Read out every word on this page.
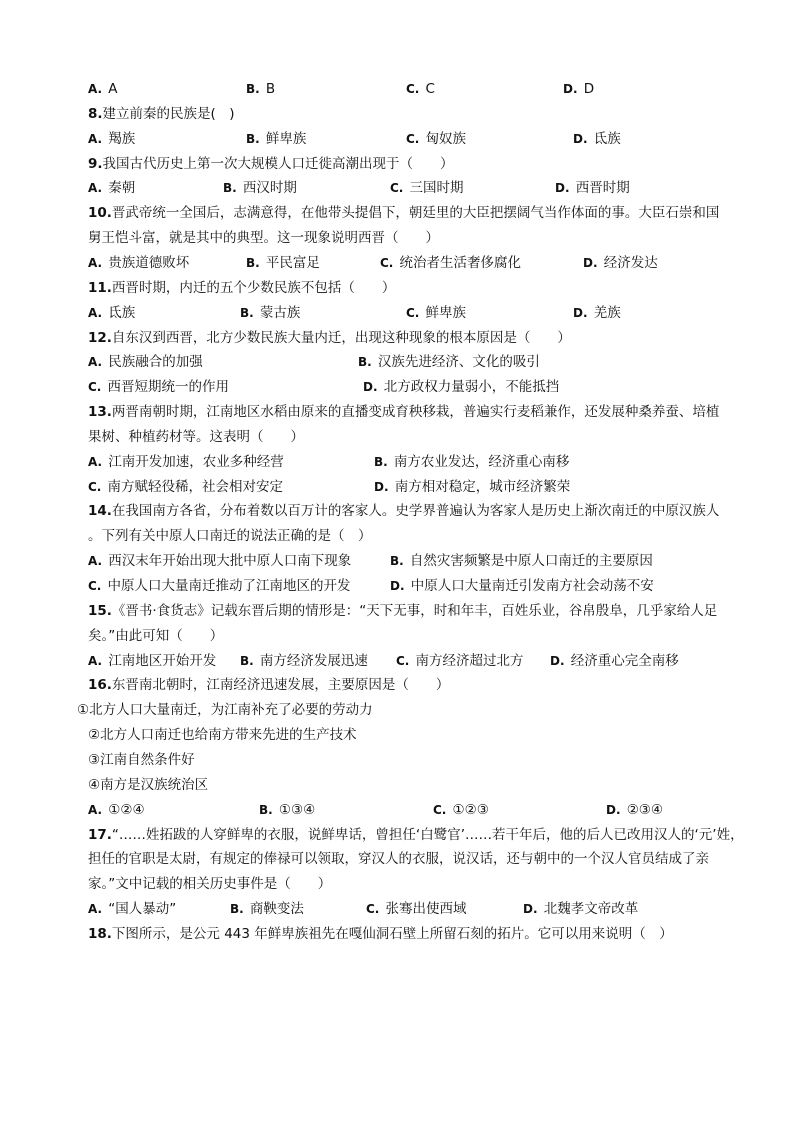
A. A	B. B	C. C	D. D
8.建立前秦的民族是(　)
A. 羯族	B. 鲜卑族	C. 匈奴族	D. 氐族
9.我国古代历史上第一次大规模人口迁徙高潮出现于（　　）
A. 秦朝	B. 西汉时期	C. 三国时期	D. 西晋时期
10.晋武帝统一全国后，志满意得，在他带头提倡下，朝廷里的大臣把摆阔气当作体面的事。大臣石崇和国
舅王恺斗富，就是其中的典型。这一现象说明西晋（　　）
A. 贵族道德败坏	B. 平民富足	C. 统治者生活奢侈腐化	D. 经济发达
11.西晋时期，内迁的五个少数民族不包括（　　）
A. 氐族	B. 蒙古族	C. 鲜卑族	D. 羌族
12.自东汉到西晋，北方少数民族大量内迁，出现这种现象的根本原因是（　　）
A. 民族融合的加强	B. 汉族先进经济、文化的吸引
C. 西晋短期统一的作用	D. 北方政权力量弱小，不能抵挡
13.两晋南朝时期，江南地区水稻由原来的直播变成育秧移栽，普遍实行麦稻兼作，还发展种桑养蚕、培植
果树、种植药材等。这表明（　　）
A. 江南开发加速，农业多种经营	B. 南方农业发达，经济重心南移
C. 南方赋轻役稀，社会相对安定	D. 南方相对稳定，城市经济繁荣
14.在我国南方各省，分布着数以百万计的客家人。史学界普遍认为客家人是历史上渐次南迁的中原汉族人
。下列有关中原人口南迁的说法正确的是（　）
A. 西汉末年开始出现大批中原人口南下现象	B. 自然灾害频繁是中原人口南迁的主要原因
C. 中原人口大量南迁推动了江南地区的开发	D. 中原人口大量南迁引发南方社会动荡不安
15.《晋书·食货志》记载东晋后期的情形是：“天下无事，时和年丰，百姓乐业，谷帛殷阜，几乎家给人足
矣。”由此可知（　　）
A. 江南地区开始开发 B. 南方经济发展迅速 C. 南方经济超过北方 D. 经济重心完全南移
16.东晋南北朝时，江南经济迅速发展，主要原因是（　　）
①北方人口大量南迁，为江南补充了必要的劳动力
②北方人口南迁也给南方带来先进的生产技术
③江南自然条件好
④南方是汉族统治区
A. ①②④	B. ①③④	C. ①②③	D. ②③④
17.“……姓拓跋的人穿鲜卑的衣服，说鲜卑话，曾担任‘白鹭官’……若干年后，他的后人已改用汉人的‘元’姓，
担任的官职是太尉，有规定的俸禄可以领取，穿汉人的衣服，说汉话，还与朝中的一个汉人官员结成了亲
家。”文中记载的相关历史事件是（　　）
A. “国人暴动”	B. 商鞅变法	C. 张骞出使西域	D. 北魏孝文帝改革
18.下图所示，是公元 443 年鲜卑族祖先在嘎仙洞石壁上所留石刻的拓片。它可以用来说明（　）
